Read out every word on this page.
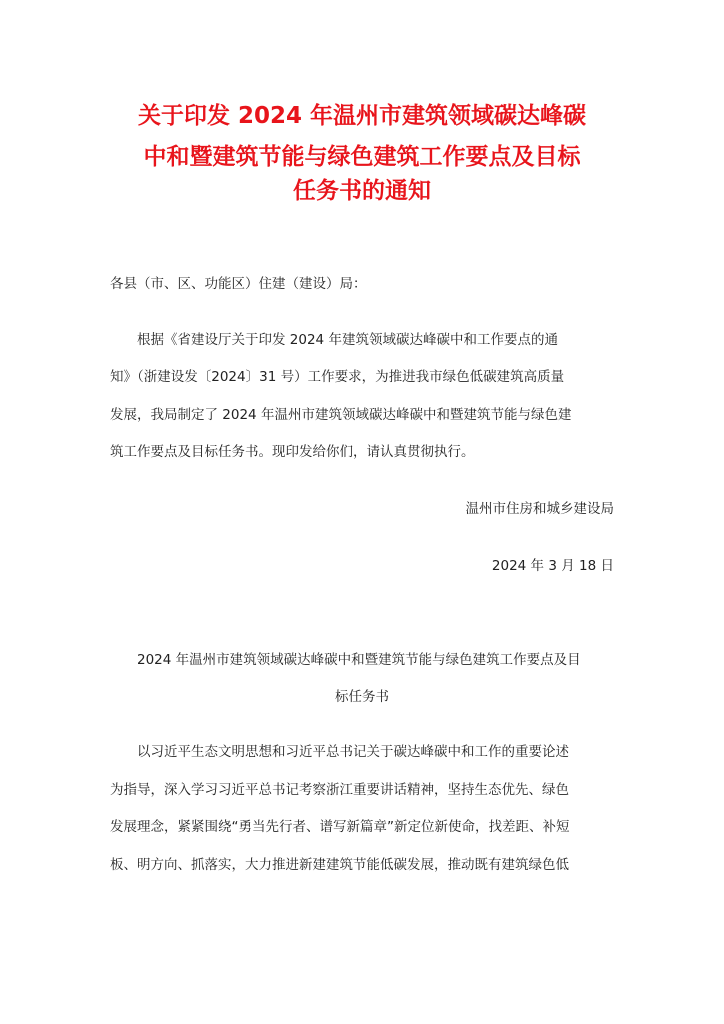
关于印发 2024 年温州市建筑领域碳达峰碳
中和暨建筑节能与绿色建筑工作要点及目标
任务书的通知
各县（市、区、功能区）住建（建设）局：
根据《省建设厅关于印发 2024 年建筑领域碳达峰碳中和工作要点的通
知》（浙建设发〔2024〕31 号）工作要求，为推进我市绿色低碳建筑高质量
发展，我局制定了 2024 年温州市建筑领域碳达峰碳中和暨建筑节能与绿色建
筑工作要点及目标任务书。现印发给你们，请认真贯彻执行。
温州市住房和城乡建设局
2024 年 3 月 18 日
2024 年温州市建筑领域碳达峰碳中和暨建筑节能与绿色建筑工作要点及目
标任务书
以习近平生态文明思想和习近平总书记关于碳达峰碳中和工作的重要论述
为指导，深入学习习近平总书记考察浙江重要讲话精神，坚持生态优先、绿色
发展理念，紧紧围绕“勇当先行者、谱写新篇章”新定位新使命，找差距、补短
板、明方向、抓落实，大力推进新建建筑节能低碳发展，推动既有建筑绿色低
